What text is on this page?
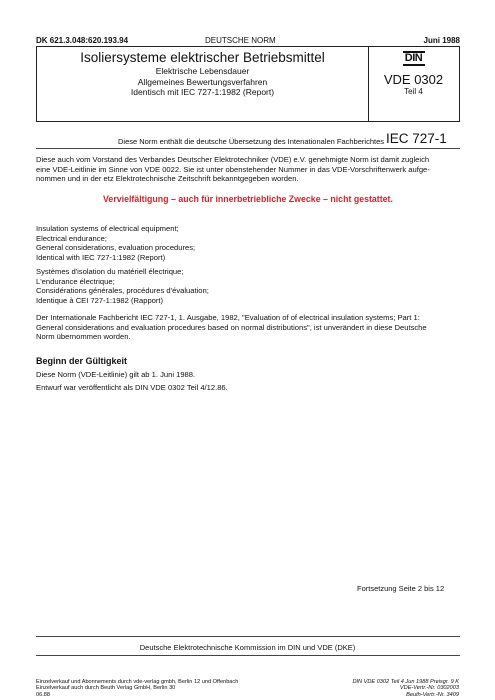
DK 621.3.048:620.193.94	DEUTSCHE NORM	Juni 1988
Isoliersysteme elektrischer Betriebsmittel
Elektrische Lebensdauer
Allgemeines Bewertungsverfahren
Identisch mit IEC 727-1:1982 (Report)
DIN
VDE 0302
Teil 4
Diese Norm enthält die deutsche Übersetzung des Intenationalen Fachberichtes IEC 727-1
Diese auch vom Vorstand des Verbandes Deutscher Elektrotechniker (VDE) e.V. genehmigte Norm ist damit zugleich
eine VDE-Leitlinie im Sinne von VDE 0022. Sie ist unter obenstehender Nummer in das VDE-Vorschriftenwerk aufge-
nommen und in der etz Elektrotechnische Zeitschrift bekanntgegeben worden.
Vervielfältigung – auch für innerbetriebliche Zwecke – nicht gestattet.
Insulation systems of electrical equipment;
Electrical endurance;
General considerations, evaluation procedures;
Identical with IEC 727-1:1982 (Report)
Systèmes d'isolation du matériell électrique;
L'endurance électrique;
Considérations générales, procédures d'évaluation;
Identique à CEI 727-1:1982 (Rapport)
Der Internationale Fachbericht IEC 727-1, 1. Ausgabe, 1982, "Evaluation of of electrical insulation systems; Part 1:
General considerations and evaluation procedures based on normal distributions", ist unverändert in diese Deutsche
Norm übernommen worden.
Beginn der Gültigkeit
Diese Norm (VDE-Leitlinie) gilt ab 1. Juni 1988.
Entwurf war veröffentlicht als DIN VDE 0302 Teil 4/12.86.
Fortsetzung Seite 2 bis 12
Deutsche Elektrotechnische Kommission im DIN und VDE (DKE)
Einzelverkauf und Abonnements durch vde-verlag gmbh, Berlin 12 und Offenbach
Einzelverkauf auch durch Beuth Verlag GmbH, Berlin 30
06.88
DIN VDE 0302 Teil 4 Jun 1988 Preisgr. 9 K
VDE-Vertr.-Nr. 0302003
Beuth-Vertr.-Nr. 3409
